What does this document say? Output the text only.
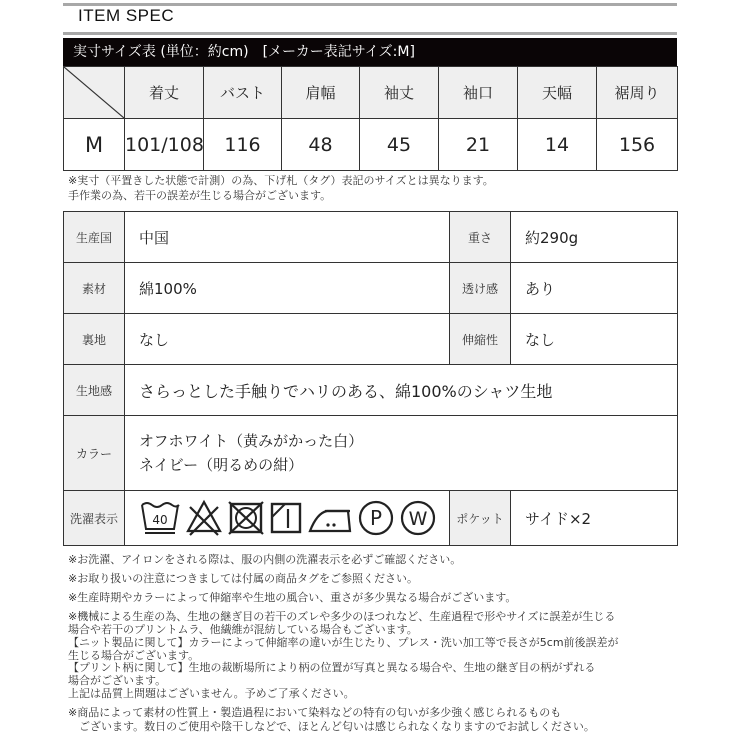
ITEM SPEC
実寸サイズ表 (単位：約cm)　[メーカー表記サイズ:M]
	着丈	バスト	肩幅	袖丈	袖口	天幅	裾周り
M	101/108	116	48	45	21	14	156
※実寸（平置きした状態で計測）の為、下げ札（タグ）表記のサイズとは異なります。
手作業の為、若干の誤差が生じる場合がございます。
生産国	中国	重さ	約290g
素材	綿100%	透け感	あり
裏地	なし	伸縮性	なし
生地感	さらっとした手触りでハリのある、綿100%のシャツ生地		
カラー	オフホワイト（黄みがかった白）
ネイビー（明るめの紺）		

洗濯表示	40 P W	ポケット	サイド×2
※お洗濯、アイロンをされる際は、服の内側の洗濯表示を必ずご確認ください。
※お取り扱いの注意につきましては付属の商品タグをご参照ください。
※生産時期やカラーによって伸縮率や生地の風合い、重さが多少異なる場合がございます。
※機械による生産の為、生地の継ぎ目の若干のズレや多少のほつれなど、生産過程で形やサイズに誤差が生じる
場合や若干のプリントムラ、他繊維が混紡している場合もございます。
【ニット製品に関して】カラーによって伸縮率の違いが生じたり、プレス・洗い加工等で長さが5cm前後誤差が
生じる場合がございます。
【プリント柄に関して】生地の裁断場所により柄の位置が写真と異なる場合や、生地の継ぎ目の柄がずれる
場合がございます。
上記は品質上問題はございません。予めご了承ください。
※商品によって素材の性質上・製造過程において染料などの特有の匂いが多少強く感じられるものも
　ございます。数日のご使用や陰干しなどで、ほとんど匂いは感じられなくなりますのでお試しください。
